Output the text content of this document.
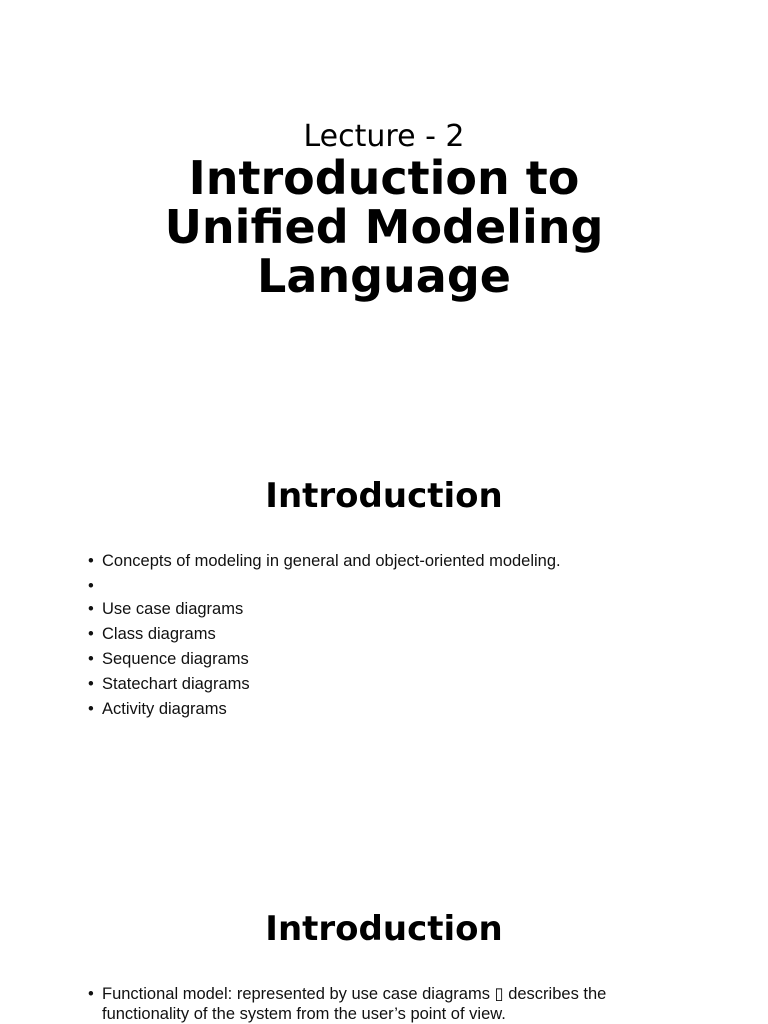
Lecture - 2
Introduction to
Unified Modeling
Language
Introduction
• Concepts of modeling in general and object-oriented modeling.
•
• Use case diagrams
• Class diagrams
• Sequence diagrams
• Statechart diagrams
• Activity diagrams
Introduction
• Functional model: represented by use case diagrams ▯ describes the functionality of the system from the user’s point of view.
